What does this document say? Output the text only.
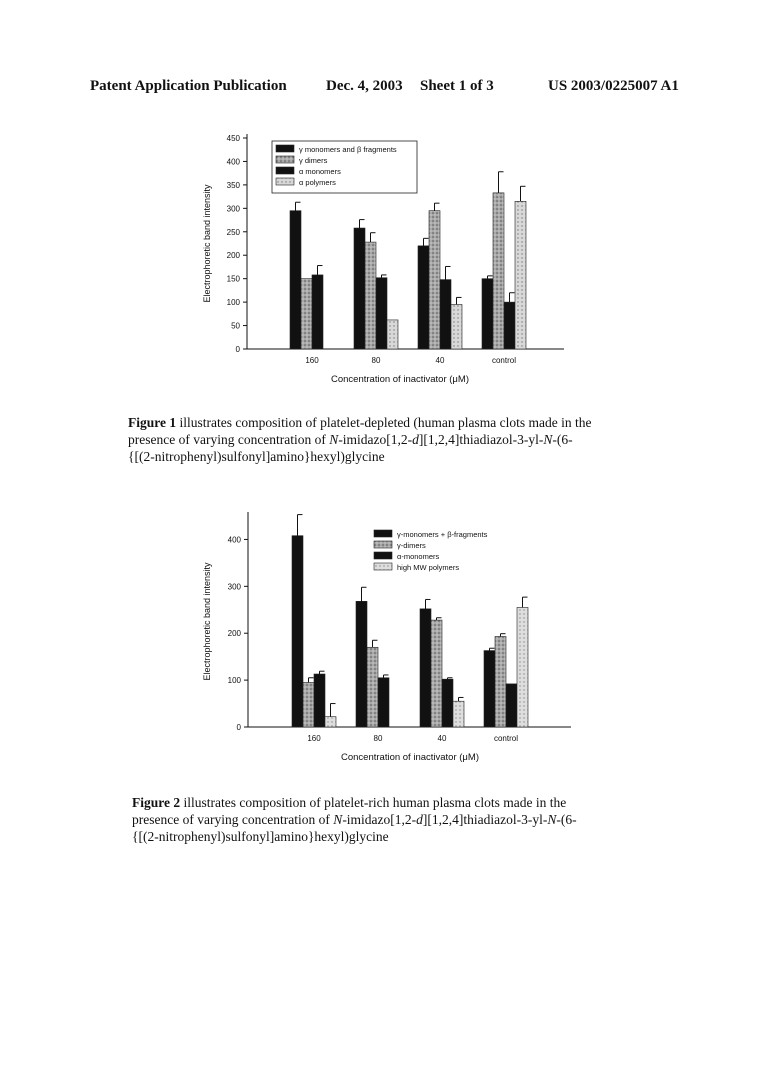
Patent Application Publication	Dec. 4, 2003 Sheet 1 of 3	US 2003/0225007 A1
0
50
100
150
200
250
300
350
400
450
Electrophoretic band intensity
160	80	40	control
Concentration of inactivator (μM)
γ monomers and β fragments
γ dimers
α monomers
α polymers
Figure 1 illustrates composition of platelet-depleted (human plasma clots made in the
presence of varying concentration of N-imidazo[1,2-d][1,2,4]thiadiazol-3-yl-N-(6-
{[(2-nitrophenyl)sulfonyl]amino}hexyl)glycine
0
100
200
300
400
Electrophoretic band intensity
160	80	40	control
Concentration of inactivator (μM)
γ-monomers + β-fragments
γ-dimers
α-monomers
high MW polymers
Figure 2 illustrates composition of platelet-rich human plasma clots made in the
presence of varying concentration of N-imidazo[1,2-d][1,2,4]thiadiazol-3-yl-N-(6-
{[(2-nitrophenyl)sulfonyl]amino}hexyl)glycine
